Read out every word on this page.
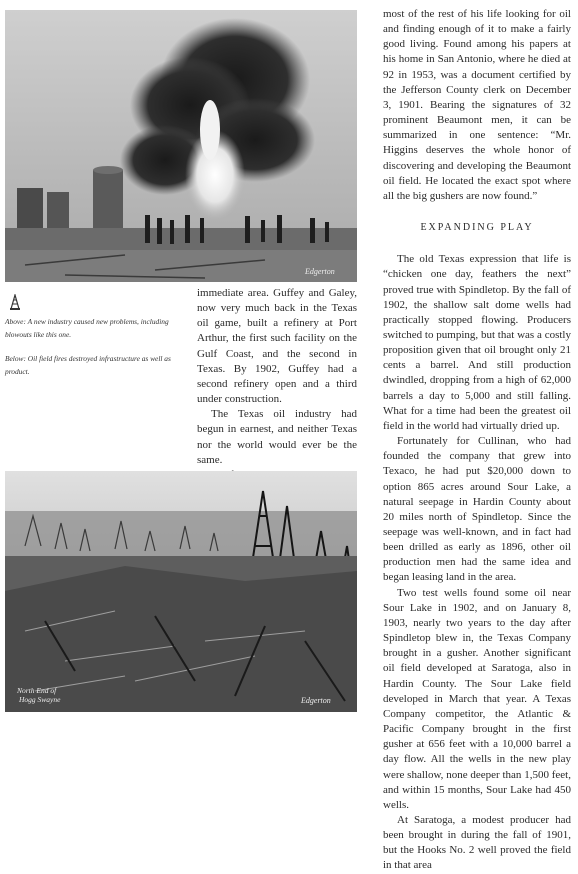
Edgerton

Above: A new industry caused new problems, including blowouts like this one.

Below: Oil field fires destroyed infrastructure as well as product.

immediate area. Guffey and Galey, now very much back in the Texas oil game, built a refinery at Port Arthur, the first such facility on the Gulf Coast, and the second in Texas. By 1902, Guffey had a second refinery open and a third under construction.

The Texas oil industry had begun in earnest, and neither Texas nor the world would ever be the same.

North End of Hogg Swayne	Edgerton

most of the rest of his life looking for oil and finding enough of it to make a fairly good living. Found among his papers at his home in San Antonio, where he died at 92 in 1953, was a document certified by the Jefferson County clerk on December 3, 1901. Bearing the signatures of 32 prominent Beaumont men, it can be summarized in one sentence: “Mr. Higgins deserves the whole honor of discovering and developing the Beaumont oil field. He located the exact spot where all the big gushers are now found.”

EXPANDING PLAY

The old Texas expression that life is “chicken one day, feathers the next” proved true with Spindletop. By the fall of 1902, the shallow salt dome wells had practically stopped flowing. Producers switched to pumping, but that was a costly proposition given that oil brought only 21 cents a barrel. And still production dwindled, dropping from a high of 62,000 barrels a day to 5,000 and still falling. What for a time had been the greatest oil field in the world had virtually dried up.

Fortunately for Cullinan, who had founded the company that grew into Texaco, he had put $20,000 down to option 865 acres around Sour Lake, a natural seepage in Hardin County about 20 miles north of Spindletop. Since the seepage was well-known, and in fact had been drilled as early as 1896, other oil production men had the same idea and began leasing land in the area.

Two test wells found some oil near Sour Lake in 1902, and on January 8, 1903, nearly two years to the day after Spindletop blew in, the Texas Company brought in a gusher. Another significant oil field developed at Saratoga, also in Hardin County. The Sour Lake field developed in March that year. A Texas Company competitor, the Atlantic & Pacific Company brought in the first gusher at 656 feet with a 10,000 barrel a day flow. All the wells in the new play were shallow, none deeper than 1,500 feet, and within 15 months, Sour Lake had 450 wells.

At Saratoga, a modest producer had been brought in during the fall of 1901, but the Hooks No. 2 well proved the field in that area
